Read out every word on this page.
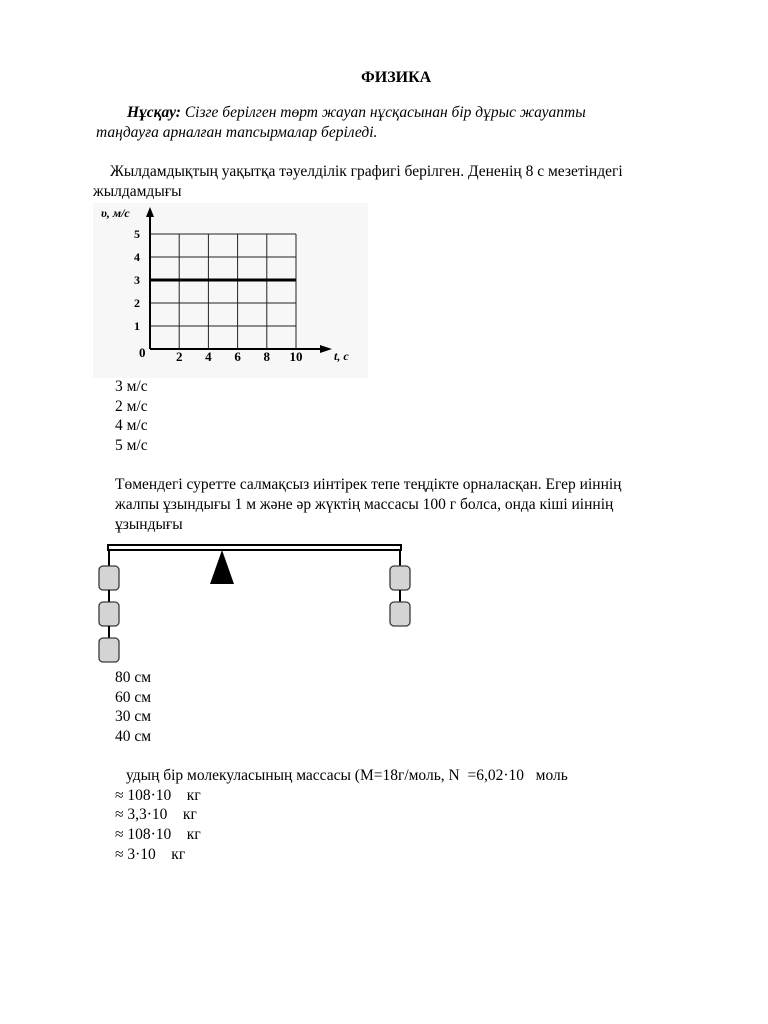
ФИЗИКА
Нұсқау: Сізге берілген төрт жауап нұсқасынан бір дұрыс жауапты
таңдауға арналған тапсырмалар беріледі.
Жылдамдықтың уақытқа тәуелділік графигі берілген. Дененің 8 с мезетіндегі
жылдамдығы
2 4 6 8 10
1
2
3
4
5
0
υ, м/с
t, с
3 м/с
2 м/с
4 м/с
5 м/с
Төмендегі суретте салмақсыз иінтірек тепе теңдікте орналасқан. Егер иіннің
жалпы ұзындығы 1 м және әр жүктің массасы 100 г болса, онда кіші иіннің
ұзындығы
80 см
60 см
30 см
40 см
удың бір молекуласының массасы (M=18г/моль, N  =6,02·10   моль
≈ 108·10    кг
≈ 3,3·10    кг
≈ 108·10    кг
≈ 3·10    кг
